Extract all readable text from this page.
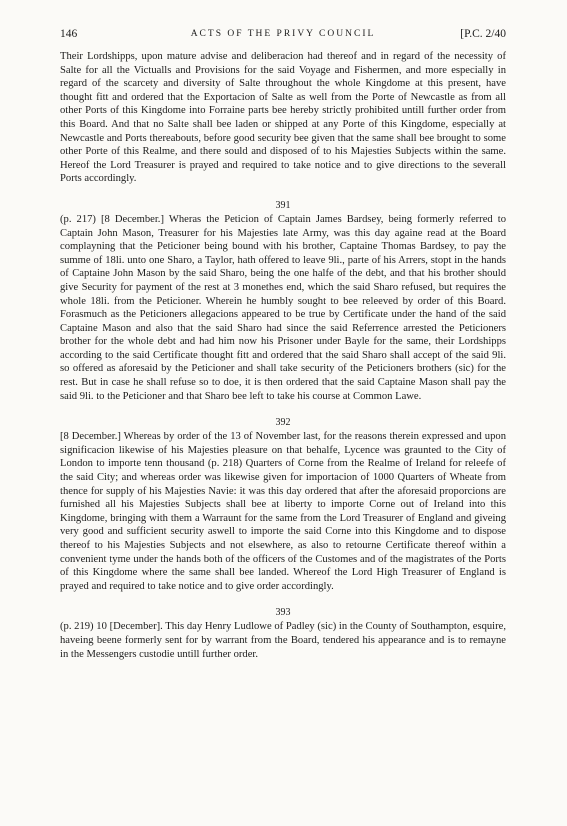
146	ACTS OF THE PRIVY COUNCIL	[P.C. 2/40

Their Lordshipps, upon mature advise and deliberacion had thereof and in regard of the necessity of Salte for all the Victualls and Provisions for the said Voyage and Fishermen, and more especially in regard of the scarcety and diversity of Salte throughout the whole Kingdome at this present, have thought fitt and ordered that the Exportacion of Salte as well from the Porte of Newcastle as from all other Ports of this Kingdome into Forraine parts bee hereby strictly prohibited untill further order from this Board. And that no Salte shall bee laden or shipped at any Porte of this Kingdome, especially at Newcastle and Ports thereabouts, before good security bee given that the same shall bee brought to some other Porte of this Realme, and there sould and disposed of to his Majesties Subjects within the same. Hereof the Lord Treasurer is prayed and required to take notice and to give directions to the severall Ports accordingly.

391

(p. 217) [8 December.] Wheras the Peticion of Captain James Bardsey, being formerly referred to Captain John Mason, Treasurer for his Majesties late Army, was this day againe read at the Board complayning that the Peticioner being bound with his brother, Captaine Thomas Bardsey, to pay the summe of 18li. unto one Sharo, a Taylor, hath offered to leave 9li., parte of his Arrers, stopt in the hands of Captaine John Mason by the said Sharo, being the one halfe of the debt, and that his brother should give Security for payment of the rest at 3 monethes end, which the said Sharo refused, but requires the whole 18li. from the Peticioner. Wherein he humbly sought to bee releeved by order of this Board. Forasmuch as the Peticioners allegacions appeared to be true by Certificate under the hand of the said Captaine Mason and also that the said Sharo had since the said Referrence arrested the Peticioners brother for the whole debt and had him now his Prisoner under Bayle for the same, their Lordshipps according to the said Certificate thought fitt and ordered that the said Sharo shall accept of the said 9li. so offered as aforesaid by the Peticioner and shall take security of the Peticioners brothers (sic) for the rest. But in case he shall refuse so to doe, it is then ordered that the said Captaine Mason shall pay the said 9li. to the Peticioner and that Sharo bee left to take his course at Common Lawe.

392

[8 December.] Whereas by order of the 13 of November last, for the reasons therein expressed and upon significacion likewise of his Majesties pleasure on that behalfe, Lycence was graunted to the City of London to importe tenn thousand (p. 218) Quarters of Corne from the Realme of Ireland for releefe of the said City; and whereas order was likewise given for importacion of 1000 Quarters of Wheate from thence for supply of his Majesties Navie: it was this day ordered that after the aforesaid proporcions are furnished all his Majesties Subjects shall bee at liberty to importe Corne out of Ireland into this Kingdome, bringing with them a Warraunt for the same from the Lord Treasurer of England and giveing very good and sufficient security aswell to importe the said Corne into this Kingdome and to dispose thereof to his Majesties Subjects and not elsewhere, as also to retourne Certificate thereof within a convenient tyme under the hands both of the officers of the Customes and of the magistrates of the Ports of this Kingdome where the same shall bee landed. Whereof the Lord High Treasurer of England is prayed and required to take notice and to give order accordingly.

393

(p. 219) 10 [December]. This day Henry Ludlowe of Padley (sic) in the County of Southampton, esquire, haveing beene formerly sent for by warrant from the Board, tendered his appearance and is to remayne in the Messengers custodie untill further order.
